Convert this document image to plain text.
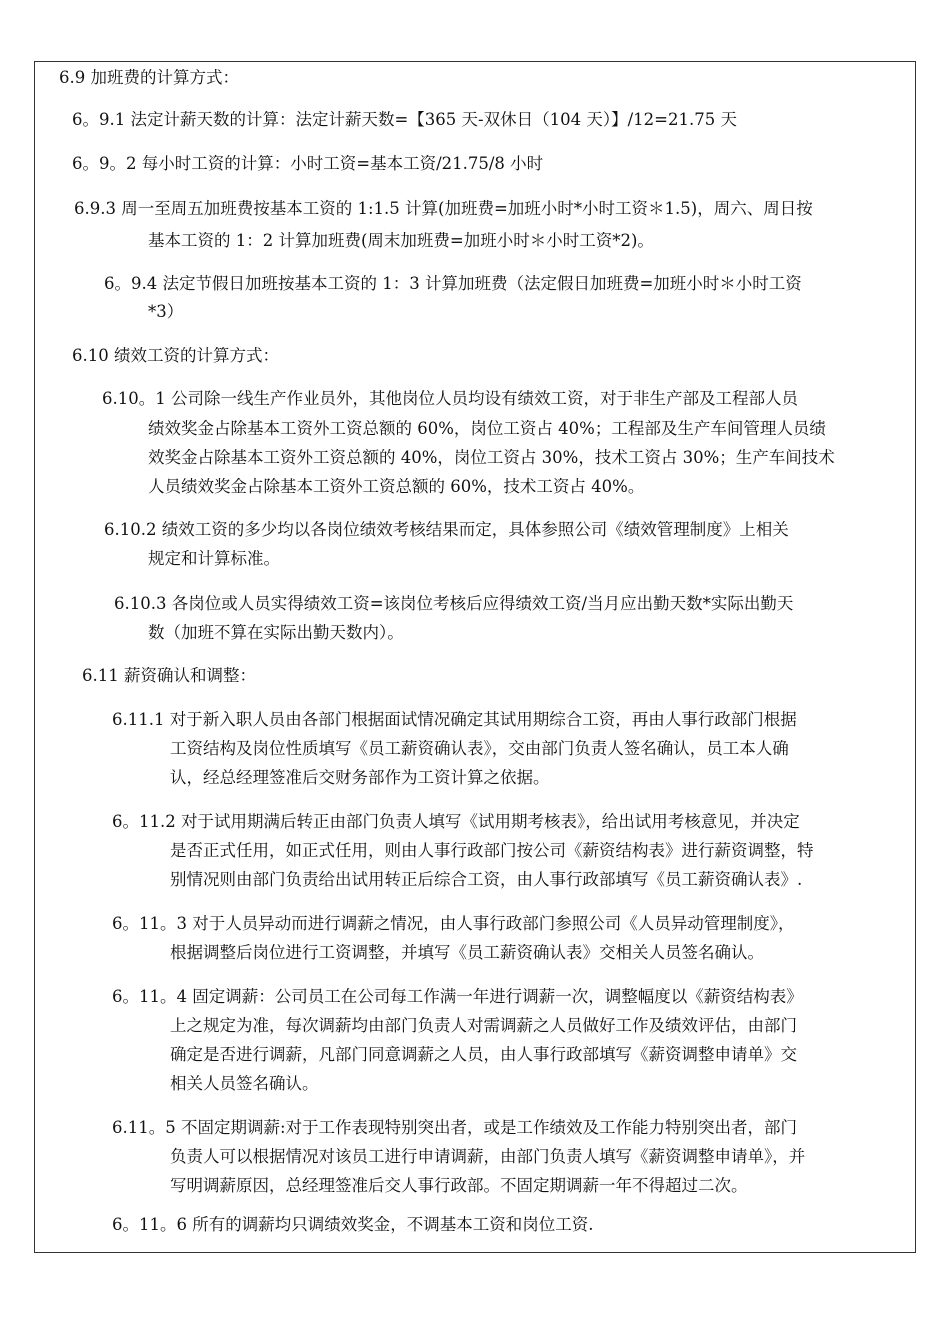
6.9 加班费的计算方式：
6。9.1 法定计薪天数的计算：法定计薪天数=【365 天-双休日（104 天）】/12=21.75 天
6。9。2 每小时工资的计算：小时工资=基本工资/21.75/8 小时
6.9.3 周一至周五加班费按基本工资的 1:1.5 计算(加班费=加班小时*小时工资＊1.5)，周六、周日按
基本工资的 1：2 计算加班费(周末加班费=加班小时＊小时工资*2)。
6。9.4 法定节假日加班按基本工资的 1：3 计算加班费（法定假日加班费=加班小时＊小时工资
*3）
6.10 绩效工资的计算方式：
6.10。1 公司除一线生产作业员外，其他岗位人员均设有绩效工资，对于非生产部及工程部人员
绩效奖金占除基本工资外工资总额的 60%，岗位工资占 40%；工程部及生产车间管理人员绩
效奖金占除基本工资外工资总额的 40%，岗位工资占 30%，技术工资占 30%；生产车间技术
人员绩效奖金占除基本工资外工资总额的 60%，技术工资占 40%。
6.10.2 绩效工资的多少均以各岗位绩效考核结果而定，具体参照公司《绩效管理制度》上相关
规定和计算标准。
6.10.3 各岗位或人员实得绩效工资=该岗位考核后应得绩效工资/当月应出勤天数*实际出勤天
数（加班不算在实际出勤天数内）。
6.11 薪资确认和调整：
6.11.1 对于新入职人员由各部门根据面试情况确定其试用期综合工资，再由人事行政部门根据
工资结构及岗位性质填写《员工薪资确认表》，交由部门负责人签名确认，员工本人确
认，经总经理签准后交财务部作为工资计算之依据。
6。11.2 对于试用期满后转正由部门负责人填写《试用期考核表》，给出试用考核意见，并决定
是否正式任用，如正式任用，则由人事行政部门按公司《薪资结构表》进行薪资调整，特
别情况则由部门负责给出试用转正后综合工资，由人事行政部填写《员工薪资确认表》.
6。11。3 对于人员异动而进行调薪之情况，由人事行政部门参照公司《人员异动管理制度》，
根据调整后岗位进行工资调整，并填写《员工薪资确认表》交相关人员签名确认。
6。11。4 固定调薪：公司员工在公司每工作满一年进行调薪一次，调整幅度以《薪资结构表》
上之规定为准，每次调薪均由部门负责人对需调薪之人员做好工作及绩效评估，由部门
确定是否进行调薪，凡部门同意调薪之人员，由人事行政部填写《薪资调整申请单》交
相关人员签名确认。
6.11。5 不固定期调薪:对于工作表现特别突出者，或是工作绩效及工作能力特别突出者，部门
负责人可以根据情况对该员工进行申请调薪，由部门负责人填写《薪资调整申请单》，并
写明调薪原因，总经理签准后交人事行政部。不固定期调薪一年不得超过二次。
6。11。6 所有的调薪均只调绩效奖金，不调基本工资和岗位工资.
